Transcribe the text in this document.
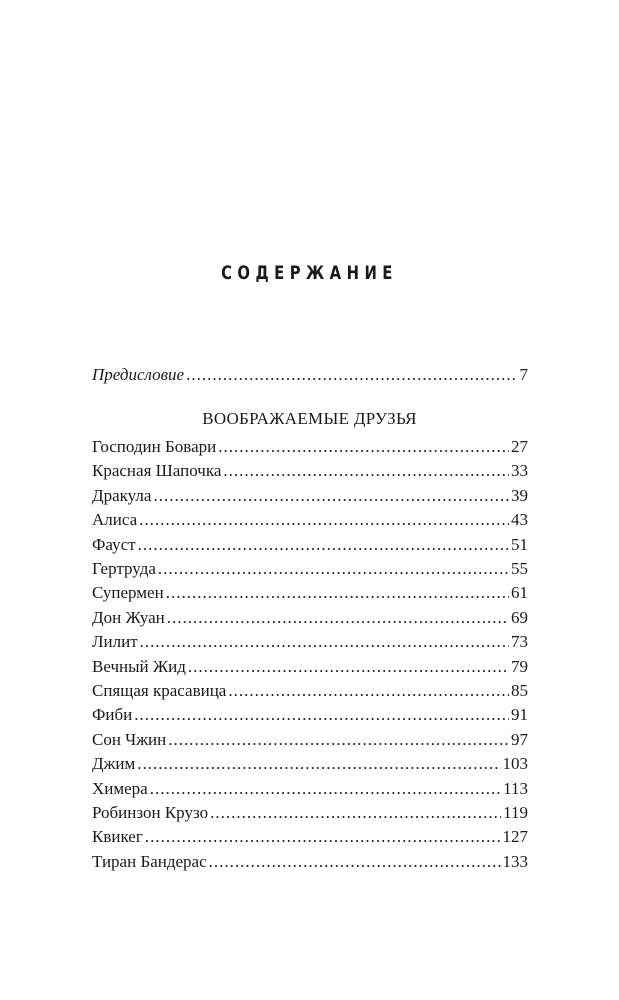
СОДЕРЖАНИЕ
Предисловие .....	7
ВООБРАЖАЕМЫЕ ДРУЗЬЯ
Господин Бовари .....	27
Красная Шапочка .....	33
Дракула .....	39
Алиса .....	43
Фауст .....	51
Гертруда .....	55
Супермен .....	61
Дон Жуан .....	69
Лилит .....	73
Вечный Жид .....	79
Спящая красавица .....	85
Фиби .....	91
Сон Чжин .....	97
Джим .....	103
Химера .....	113
Робинзон Крузо .....	119
Квикег .....	127
Тиран Бандерас .....	133
